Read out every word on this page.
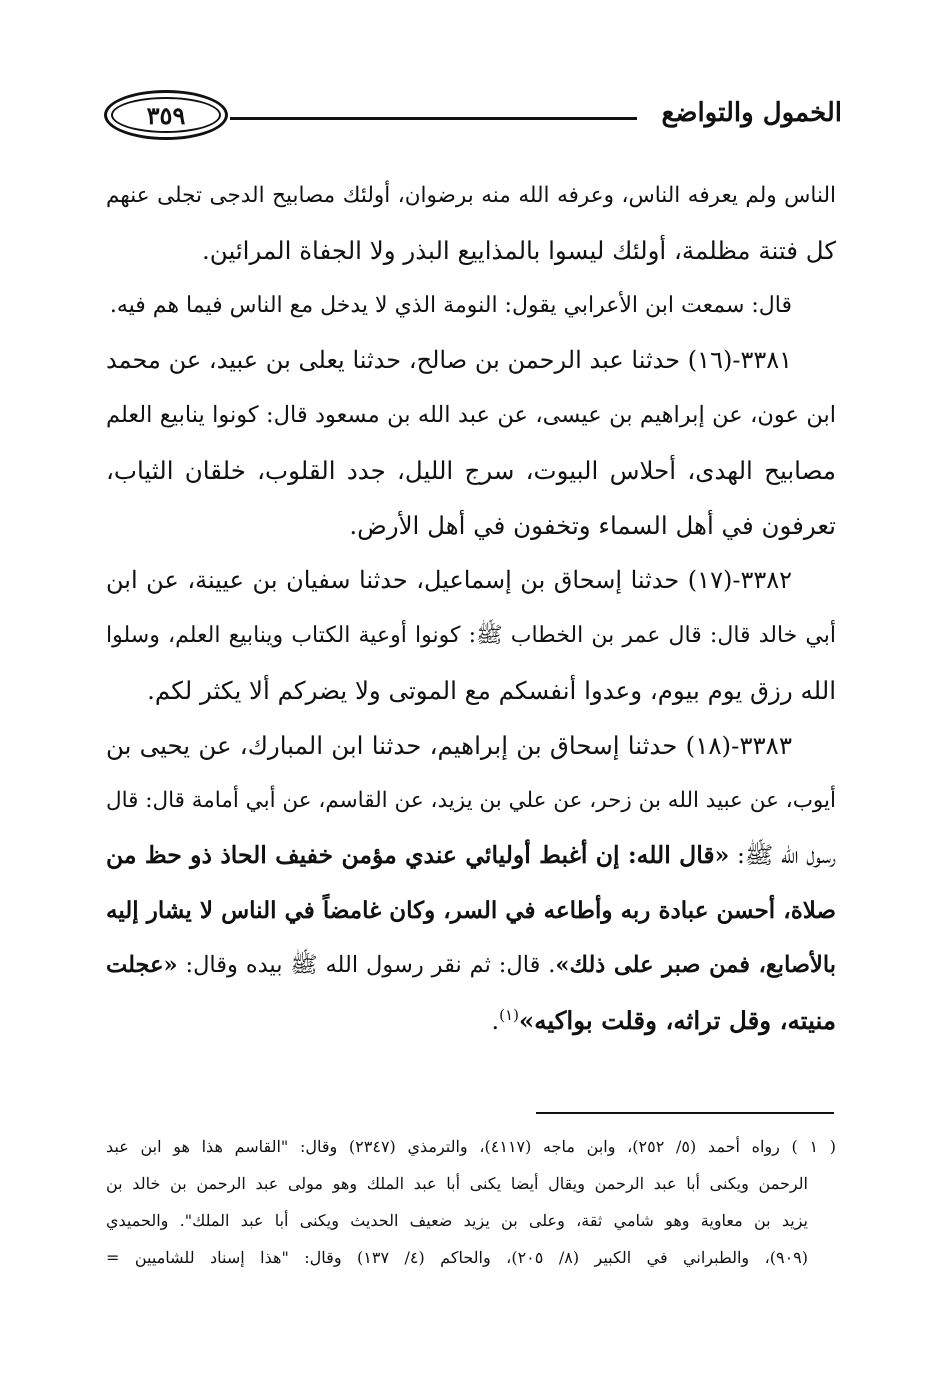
الخمول والتواضع
٣٥٩
الناس ولم يعرفه الناس، وعرفه الله منه برضوان، أولئك مصابيح الدجى تجلى عنهم
كل فتنة مظلمة، أولئك ليسوا بالمذاييع البذر ولا الجفاة المرائين.
قال: سمعت ابن الأعرابي يقول: النومة الذي لا يدخل مع الناس فيما هم فيه.
٣٣٨١-(١٦) حدثنا عبد الرحمن بن صالح، حدثنا يعلى بن عبيد، عن محمد
ابن عون، عن إبراهيم بن عيسى، عن عبد الله بن مسعود قال: كونوا ينابيع العلم
مصابيح الهدى، أحلاس البيوت، سرج الليل، جدد القلوب، خلقان الثياب،
تعرفون في أهل السماء وتخفون في أهل الأرض.
٣٣٨٢-(١٧) حدثنا إسحاق بن إسماعيل، حدثنا سفيان بن عيينة، عن ابن
أبي خالد قال: قال عمر بن الخطاب ﷺ: كونوا أوعية الكتاب وينابيع العلم، وسلوا
الله رزق يوم بيوم، وعدوا أنفسكم مع الموتى ولا يضركم ألا يكثر لكم.
٣٣٨٣-(١٨) حدثنا إسحاق بن إبراهيم، حدثنا ابن المبارك، عن يحيى بن
أيوب، عن عبيد الله بن زحر، عن علي بن يزيد، عن القاسم، عن أبي أمامة قال: قال
رسول الله ﷺ: «قال الله: إن أغبط أوليائي عندي مؤمن خفيف الحاذ ذو حظ من
صلاة، أحسن عبادة ربه وأطاعه في السر، وكان غامضاً في الناس لا يشار إليه
بالأصابع، فمن صبر على ذلك». قال: ثم نقر رسول الله ﷺ بيده وقال: «عجلت
منيته، وقل تراثه، وقلت بواكيه»$^{(١)}$.
( ١ ) رواه أحمد (٥/ ٢٥٢)، وابن ماجه (٤١١٧)، والترمذي (٢٣٤٧) وقال: "القاسم هذا هو ابن عبد
الرحمن ويكنى أبا عبد الرحمن ويقال أيضا يكنى أبا عبد الملك وهو مولى عبد الرحمن بن خالد بن
يزيد بن معاوية وهو شامي ثقة، وعلى بن يزيد ضعيف الحديث ويكنى أبا عبد الملك". والحميدي
(٩٠٩)، والطبراني في الكبير (٨/ ٢٠٥)، والحاكم (٤/ ١٣٧) وقال: "هذا إسناد للشاميين =
